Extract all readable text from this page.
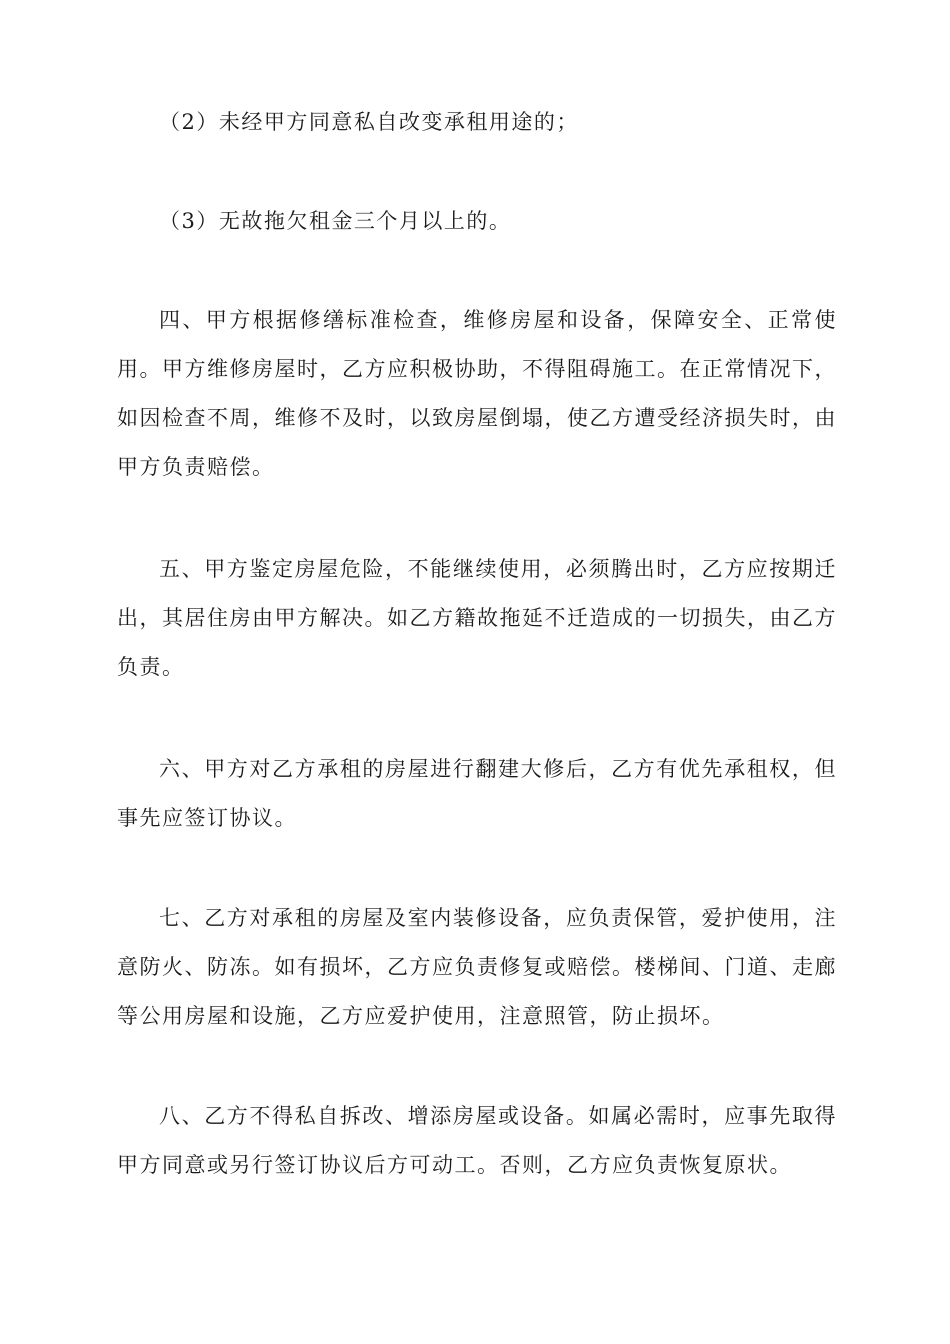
（2）未经甲方同意私自改变承租用途的；

（3）无故拖欠租金三个月以上的。

四、甲方根据修缮标准检查，维修房屋和设备，保障安全、正常使用。甲方维修房屋时，乙方应积极协助，不得阻碍施工。在正常情况下，如因检查不周，维修不及时，以致房屋倒塌，使乙方遭受经济损失时，由甲方负责赔偿。

五、甲方鉴定房屋危险，不能继续使用，必须腾出时，乙方应按期迁出，其居住房由甲方解决。如乙方籍故拖延不迁造成的一切损失，由乙方负责。

六、甲方对乙方承租的房屋进行翻建大修后，乙方有优先承租权，但事先应签订协议。

七、乙方对承租的房屋及室内装修设备，应负责保管，爱护使用，注意防火、防冻。如有损坏，乙方应负责修复或赔偿。楼梯间、门道、走廊等公用房屋和设施，乙方应爱护使用，注意照管，防止损坏。

八、乙方不得私自拆改、增添房屋或设备。如属必需时，应事先取得甲方同意或另行签订协议后方可动工。否则，乙方应负责恢复原状。
